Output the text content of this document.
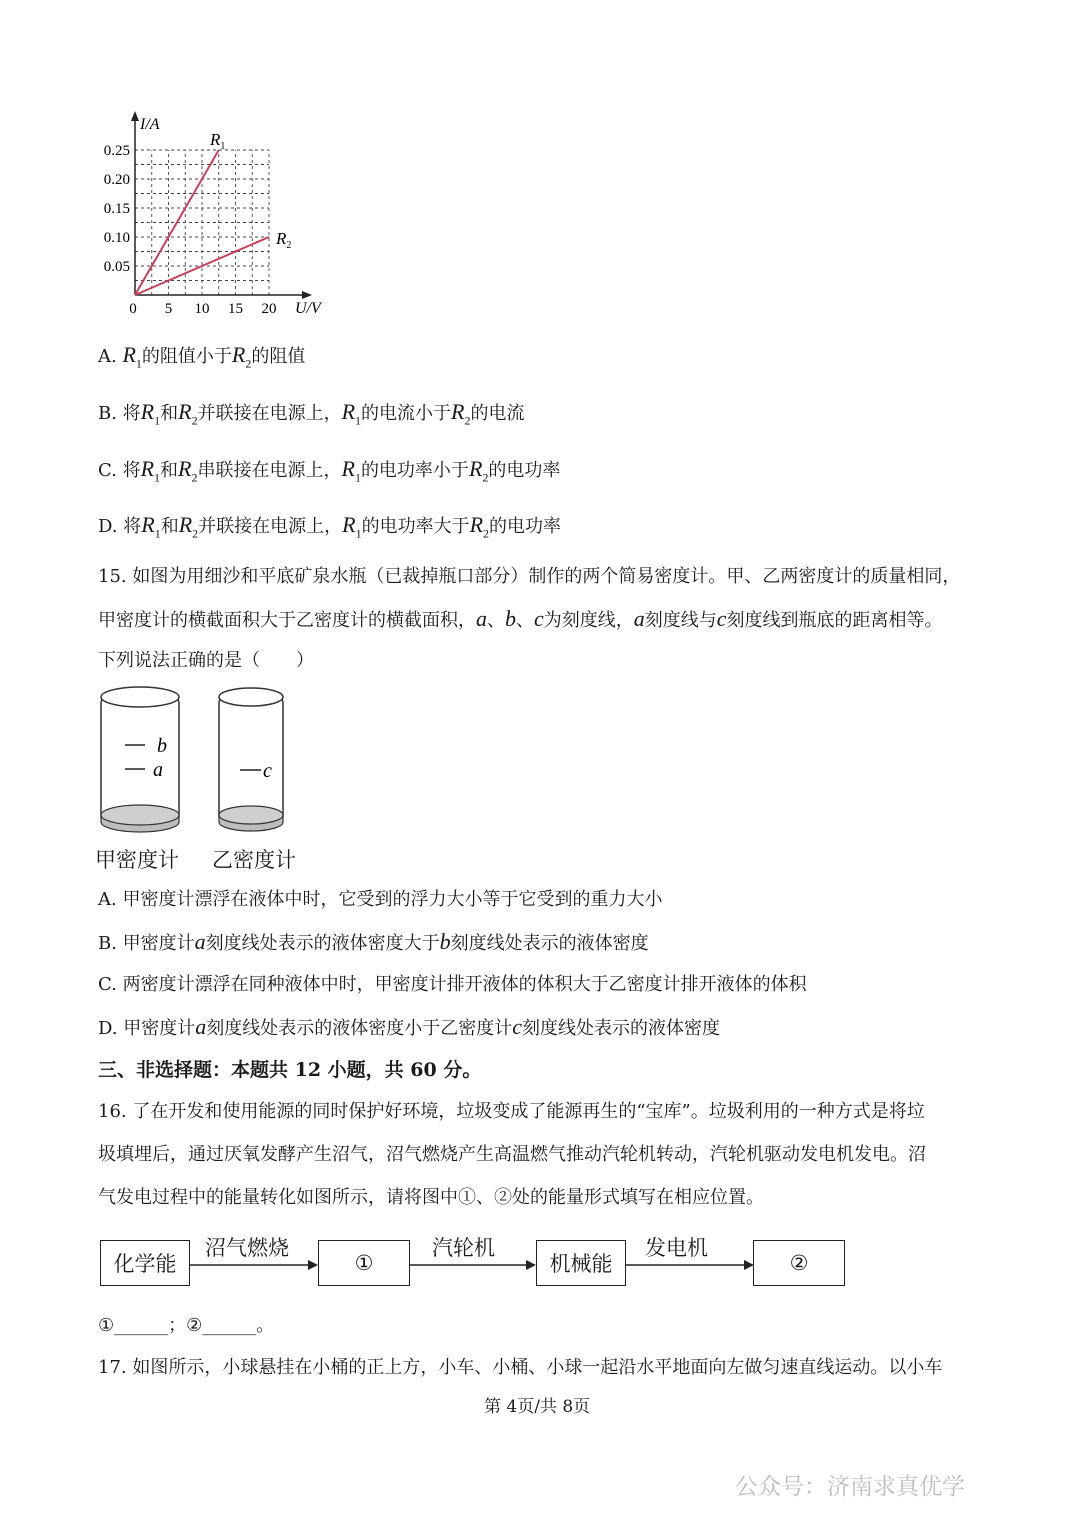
0.25
0.20
0.15
0.10
0.05
0 5 10 15 20
I/A
U/V
$R_1$
$R_2$
A. $R_1$的阻值小于$R_2$的阻值
B. 将$R_1$和$R_2$并联接在电源上，$R_1$的电流小于$R_2$的电流
C. 将$R_1$和$R_2$串联接在电源上，$R_1$的电功率小于$R_2$的电功率
D. 将$R_1$和$R_2$并联接在电源上，$R_1$的电功率大于$R_2$的电功率
15. 如图为用细沙和平底矿泉水瓶（已裁掉瓶口部分）制作的两个简易密度计。甲、乙两密度计的质量相同，
甲密度计的横截面积大于乙密度计的横截面积，a、b、c为刻度线，a刻度线与c刻度线到瓶底的距离相等。
下列说法正确的是（　　）
b
a	c
甲密度计 乙密度计
A. 甲密度计漂浮在液体中时，它受到的浮力大小等于它受到的重力大小
B. 甲密度计a刻度线处表示的液体密度大于b刻度线处表示的液体密度
C. 两密度计漂浮在同种液体中时，甲密度计排开液体的体积大于乙密度计排开液体的体积
D. 甲密度计a刻度线处表示的液体密度小于乙密度计c刻度线处表示的液体密度
三、非选择题：本题共 12 小题，共 60 分。
16. 了在开发和使用能源的同时保护好环境，垃圾变成了能源再生的“宝库”。垃圾利用的一种方式是将垃
圾填埋后，通过厌氧发酵产生沼气，沼气燃烧产生高温燃气推动汽轮机转动，汽轮机驱动发电机发电。沼
气发电过程中的能量转化如图所示，请将图中①、②处的能量形式填写在相应位置。
化学能
沼气燃烧
①
汽轮机
机械能
发电机
②
①______；②______。
17. 如图所示，小球悬挂在小桶的正上方，小车、小桶、小球一起沿水平地面向左做匀速直线运动。以小车
第 4页/共 8页
公众号：济南求真优学
